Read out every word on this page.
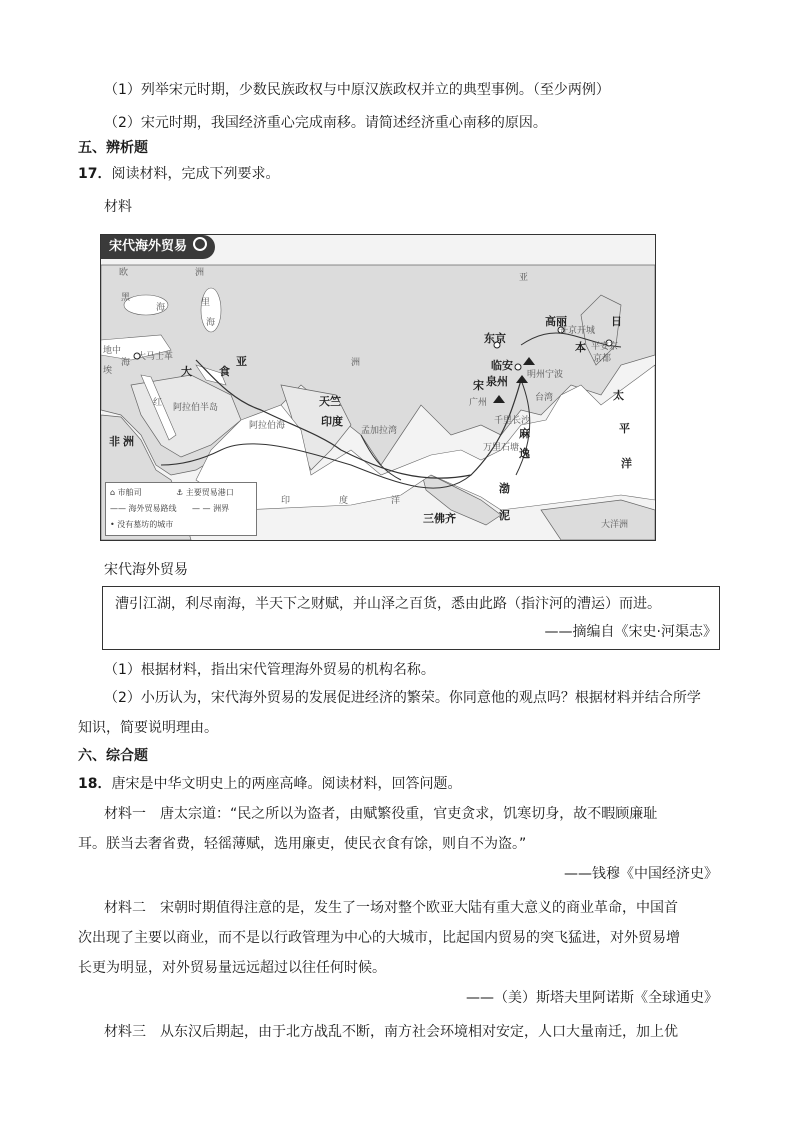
（1）列举宋元时期，少数民族政权与中原汉族政权并立的典型事例。（至少两例）
（2）宋元时期，我国经济重心完成南移。请简述经济重心南移的原因。
五、辨析题
17．阅读材料，完成下列要求。
材料
宋代海外贸易
欧	洲
黑
海	里
海
地中
海
埃
大马士革
大 食
亚
阿拉伯半岛
红
非 洲
阿拉伯海
天竺
印度
孟加拉湾
洲
亚
东京
临安
泉州 明州宁波
广州
宋
高丽
开京开城
日
本 平安京
京都
太
平
洋
麻
逸
渤
泥
三佛齐
印	度	洋
大洋洲
万里石塘
千里长沙
台湾
⌂ 市舶司	⚓ 主要贸易港口
—— 海外贸易路线 — — 洲界
• 没有墓坊的城市
宋代海外贸易
漕引江湖，利尽南海，半天下之财赋，并山泽之百货，悉由此路（指汴河的漕运）而进。
——摘编自《宋史·河渠志》
（1）根据材料，指出宋代管理海外贸易的机构名称。
（2）小历认为，宋代海外贸易的发展促进经济的繁荣。你同意他的观点吗？根据材料并结合所学
知识，简要说明理由。
六、综合题
18．唐宋是中华文明史上的两座高峰。阅读材料，回答问题。
材料一　唐太宗道：“民之所以为盗者，由赋繁役重，官吏贪求，饥寒切身，故不暇顾廉耻
耳。朕当去奢省费，轻徭薄赋，选用廉吏，使民衣食有馀，则自不为盗。”
——钱穆《中国经济史》
材料二　宋朝时期值得注意的是，发生了一场对整个欧亚大陆有重大意义的商业革命，中国首
次出现了主要以商业，而不是以行政管理为中心的大城市，比起国内贸易的突飞猛进，对外贸易增
长更为明显，对外贸易量远远超过以往任何时候。
——（美）斯塔夫里阿诺斯《全球通史》
材料三　从东汉后期起，由于北方战乱不断，南方社会环境相对安定，人口大量南迁，加上优
